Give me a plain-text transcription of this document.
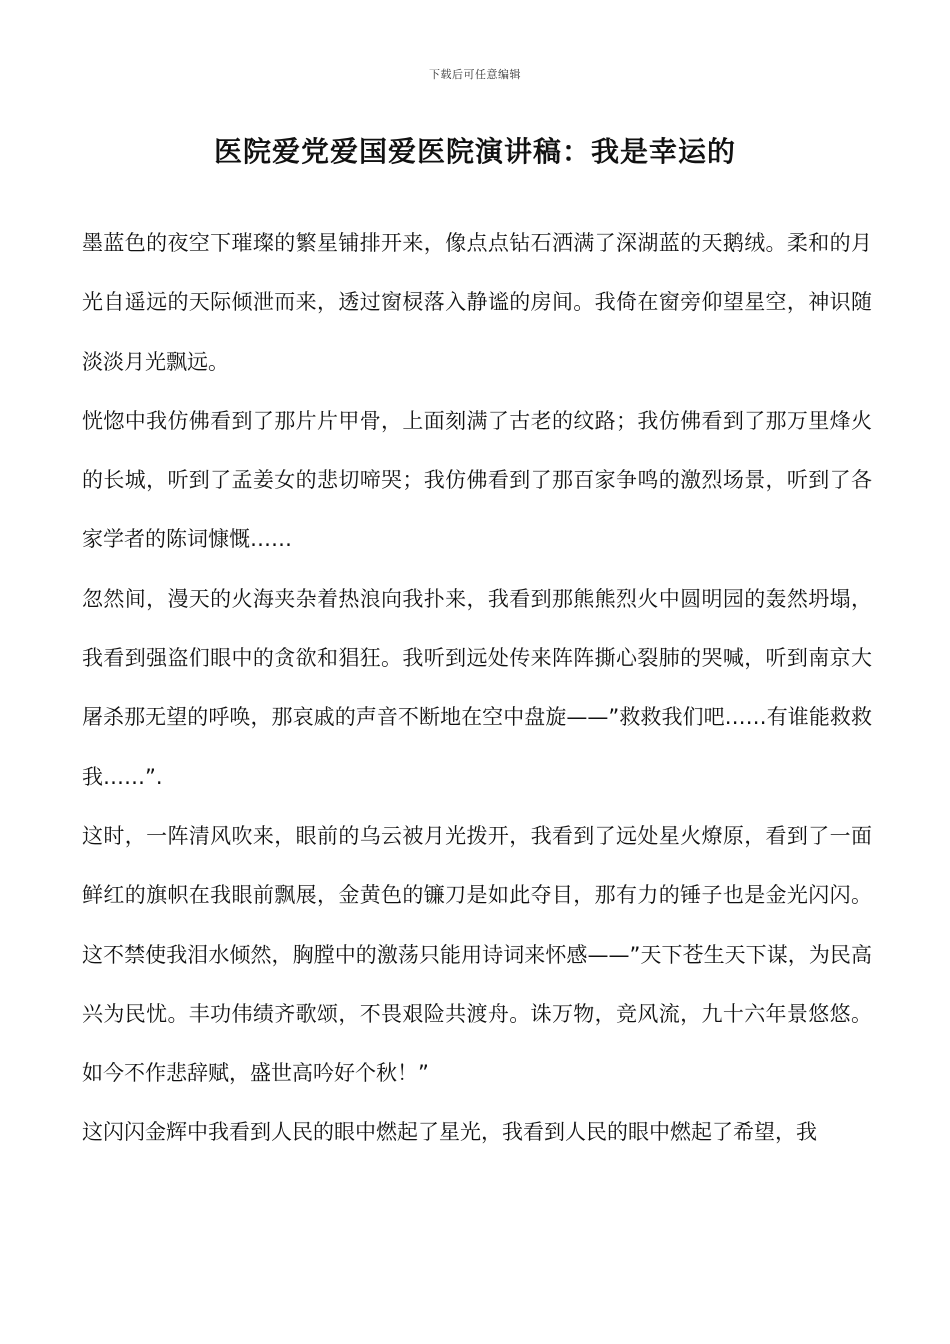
下载后可任意编辑
医院爱党爱国爱医院演讲稿：我是幸运的

墨蓝色的夜空下璀璨的繁星铺排开来，像点点钻石洒满了深湖蓝的天鹅绒。柔和的月光自遥远的天际倾泄而来，透过窗棂落入静谧的房间。我倚在窗旁仰望星空，神识随淡淡月光飘远。

恍惚中我仿佛看到了那片片甲骨，上面刻满了古老的纹路；我仿佛看到了那万里烽火的长城，听到了孟姜女的悲切啼哭；我仿佛看到了那百家争鸣的激烈场景，听到了各家学者的陈词慷慨……

忽然间，漫天的火海夹杂着热浪向我扑来，我看到那熊熊烈火中圆明园的轰然坍塌，我看到强盗们眼中的贪欲和猖狂。我听到远处传来阵阵撕心裂肺的哭喊，听到南京大屠杀那无望的呼唤，那哀戚的声音不断地在空中盘旋——”救救我们吧……有谁能救救我……”.

这时，一阵清风吹来，眼前的乌云被月光拨开，我看到了远处星火燎原，看到了一面鲜红的旗帜在我眼前飘展，金黄色的镰刀是如此夺目，那有力的锤子也是金光闪闪。这不禁使我泪水倾然，胸膛中的激荡只能用诗词来怀感——”天下苍生天下谋，为民高兴为民忧。丰功伟绩齐歌颂，不畏艰险共渡舟。诛万物，竞风流，九十六年景悠悠。如今不作悲辞赋，盛世高吟好个秋！”

这闪闪金辉中我看到人民的眼中燃起了星光，我看到人民的眼中燃起了希望，我
